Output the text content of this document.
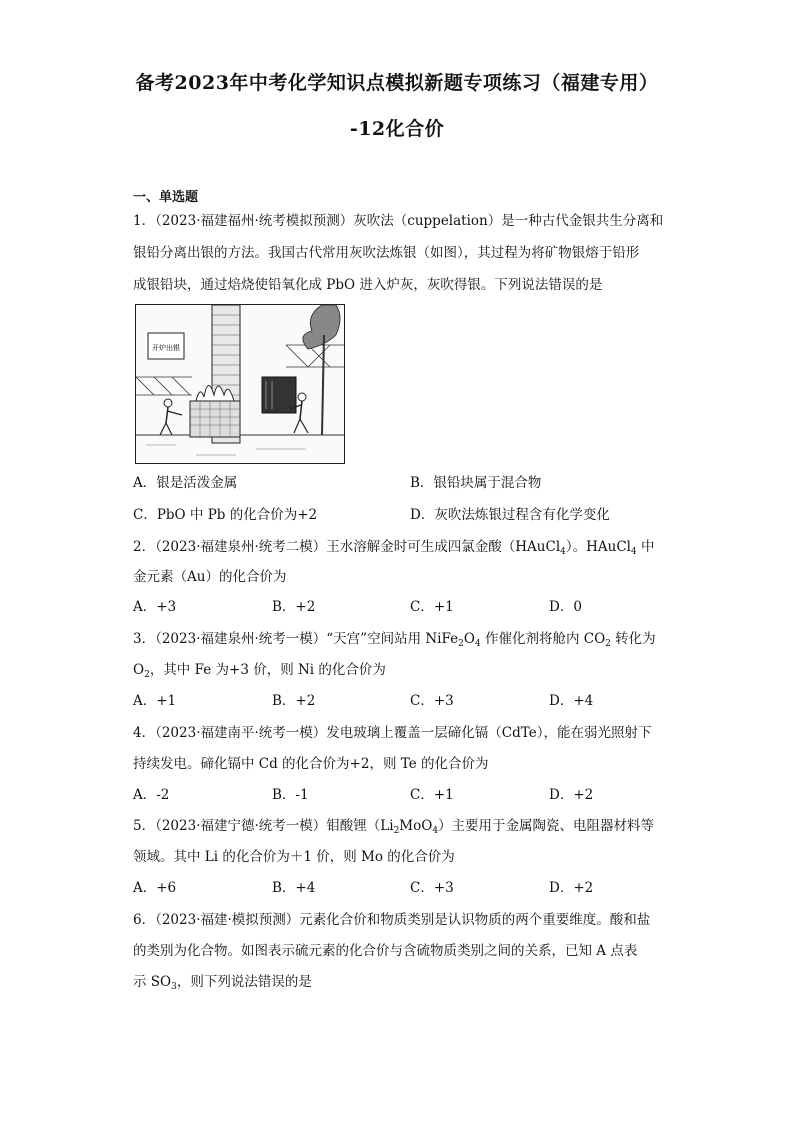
备考2023年中考化学知识点模拟新题专项练习（福建专用）
-12化合价
一、单选题
1．（2023·福建福州·统考模拟预测）灰吹法（cuppelation）是一种古代金银共生分离和
银铅分离出银的方法。我国古代常用灰吹法炼银（如图），其过程为将矿物银熔于铅形
成银铅块，通过焙烧使铅氧化成 PbO 进入炉灰，灰吹得银。下列说法错误的是
开炉出银
A．银是活泼金属	B．银铅块属于混合物
C．PbO 中 Pb 的化合价为+2	D．灰吹法炼银过程含有化学变化
2．（2023·福建泉州·统考二模）王水溶解金时可生成四氯金酸（HAuCl$_4$）。HAuCl$_4$ 中
金元素（Au）的化合价为
A．+3	B．+2	C．+1	D．0
3．（2023·福建泉州·统考一模）“天宫”空间站用 $NiFe_2O_4$ 作催化剂将舱内 $CO_2$ 转化为
$O_2$，其中 Fe 为+3 价，则 Ni 的化合价为
A．+1	B．+2	C．+3	D．+4
4．（2023·福建南平·统考一模）发电玻璃上覆盖一层碲化镉（CdTe），能在弱光照射下
持续发电。碲化镉中 Cd 的化合价为+2，则 Te 的化合价为
A．-2	B．-1	C．+1	D．+2
5．（2023·福建宁德·统考一模）钼酸锂$(Li_2MoO_4)$主要用于金属陶瓷、电阻器材料等
领域。其中 Li 的化合价为＋1 价，则 Mo 的化合价为
A．+6	B．+4	C．+3	D．+2
6．（2023·福建·模拟预测）元素化合价和物质类别是认识物质的两个重要维度。酸和盐
的类别为化合物。如图表示硫元素的化合价与含硫物质类别之间的关系，已知 A 点表
示 $SO_3$，则下列说法错误的是
